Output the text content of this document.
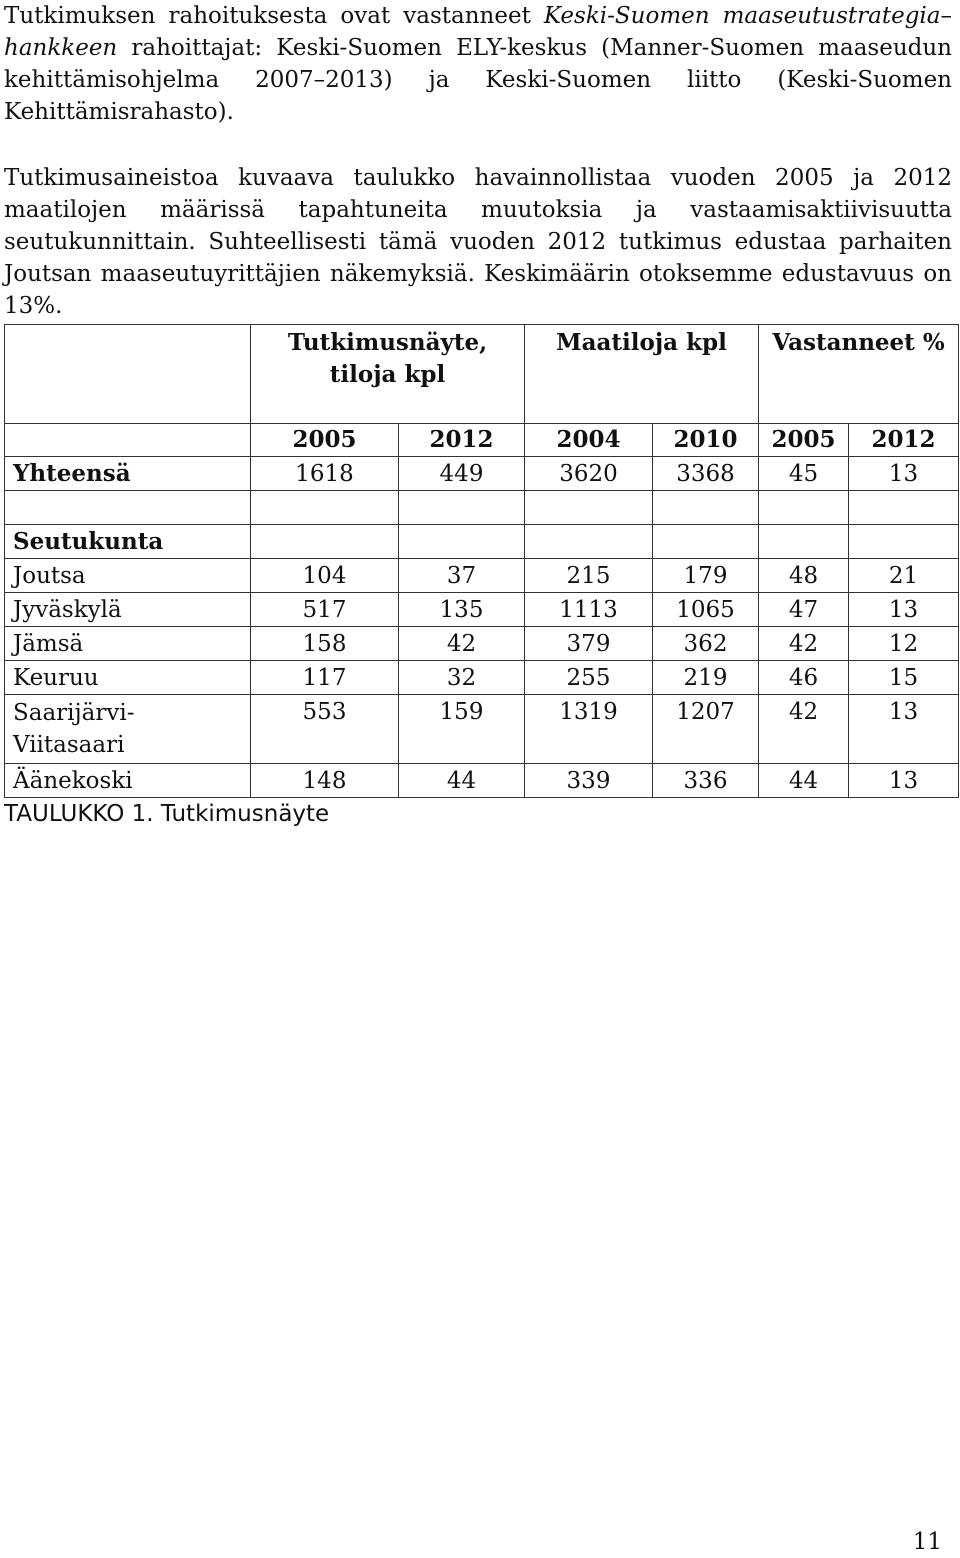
Tutkimuksen rahoituksesta ovat vastanneet Keski-Suomen maaseutustrategia–hankkeen rahoittajat: Keski-Suomen ELY-keskus (Manner-Suomen maaseudun kehittämisohjelma 2007–2013) ja Keski-Suomen liitto (Keski-Suomen Kehittämisrahasto).

Tutkimusaineistoa kuvaava taulukko havainnollistaa vuoden 2005 ja 2012 maatilojen määrissä tapahtuneita muutoksia ja vastaamisaktiivisuutta seutukunnittain. Suhteellisesti tämä vuoden 2012 tutkimus edustaa parhaiten Joutsan maaseutuyrittäjien näkemyksiä. Keskimäärin otoksemme edustavuus on 13%.

	Tutkimusnäyte, tiloja kpl		Maatiloja kpl		Vastanneet %	
	2005	2012	2004	2010	2005	2012
Yhteensä	1618	449	3620	3368	45	13

Seutukunta						
Joutsa	104	37	215	179	48	21
Jyväskylä	517	135	1113	1065	47	13
Jämsä	158	42	379	362	42	12
Keuruu	117	32	255	219	46	15
Saarijärvi-Viitasaari	553	159	1319	1207	42	13
Äänekoski	148	44	339	336	44	13
TAULUKKO 1. Tutkimusnäyte
11
